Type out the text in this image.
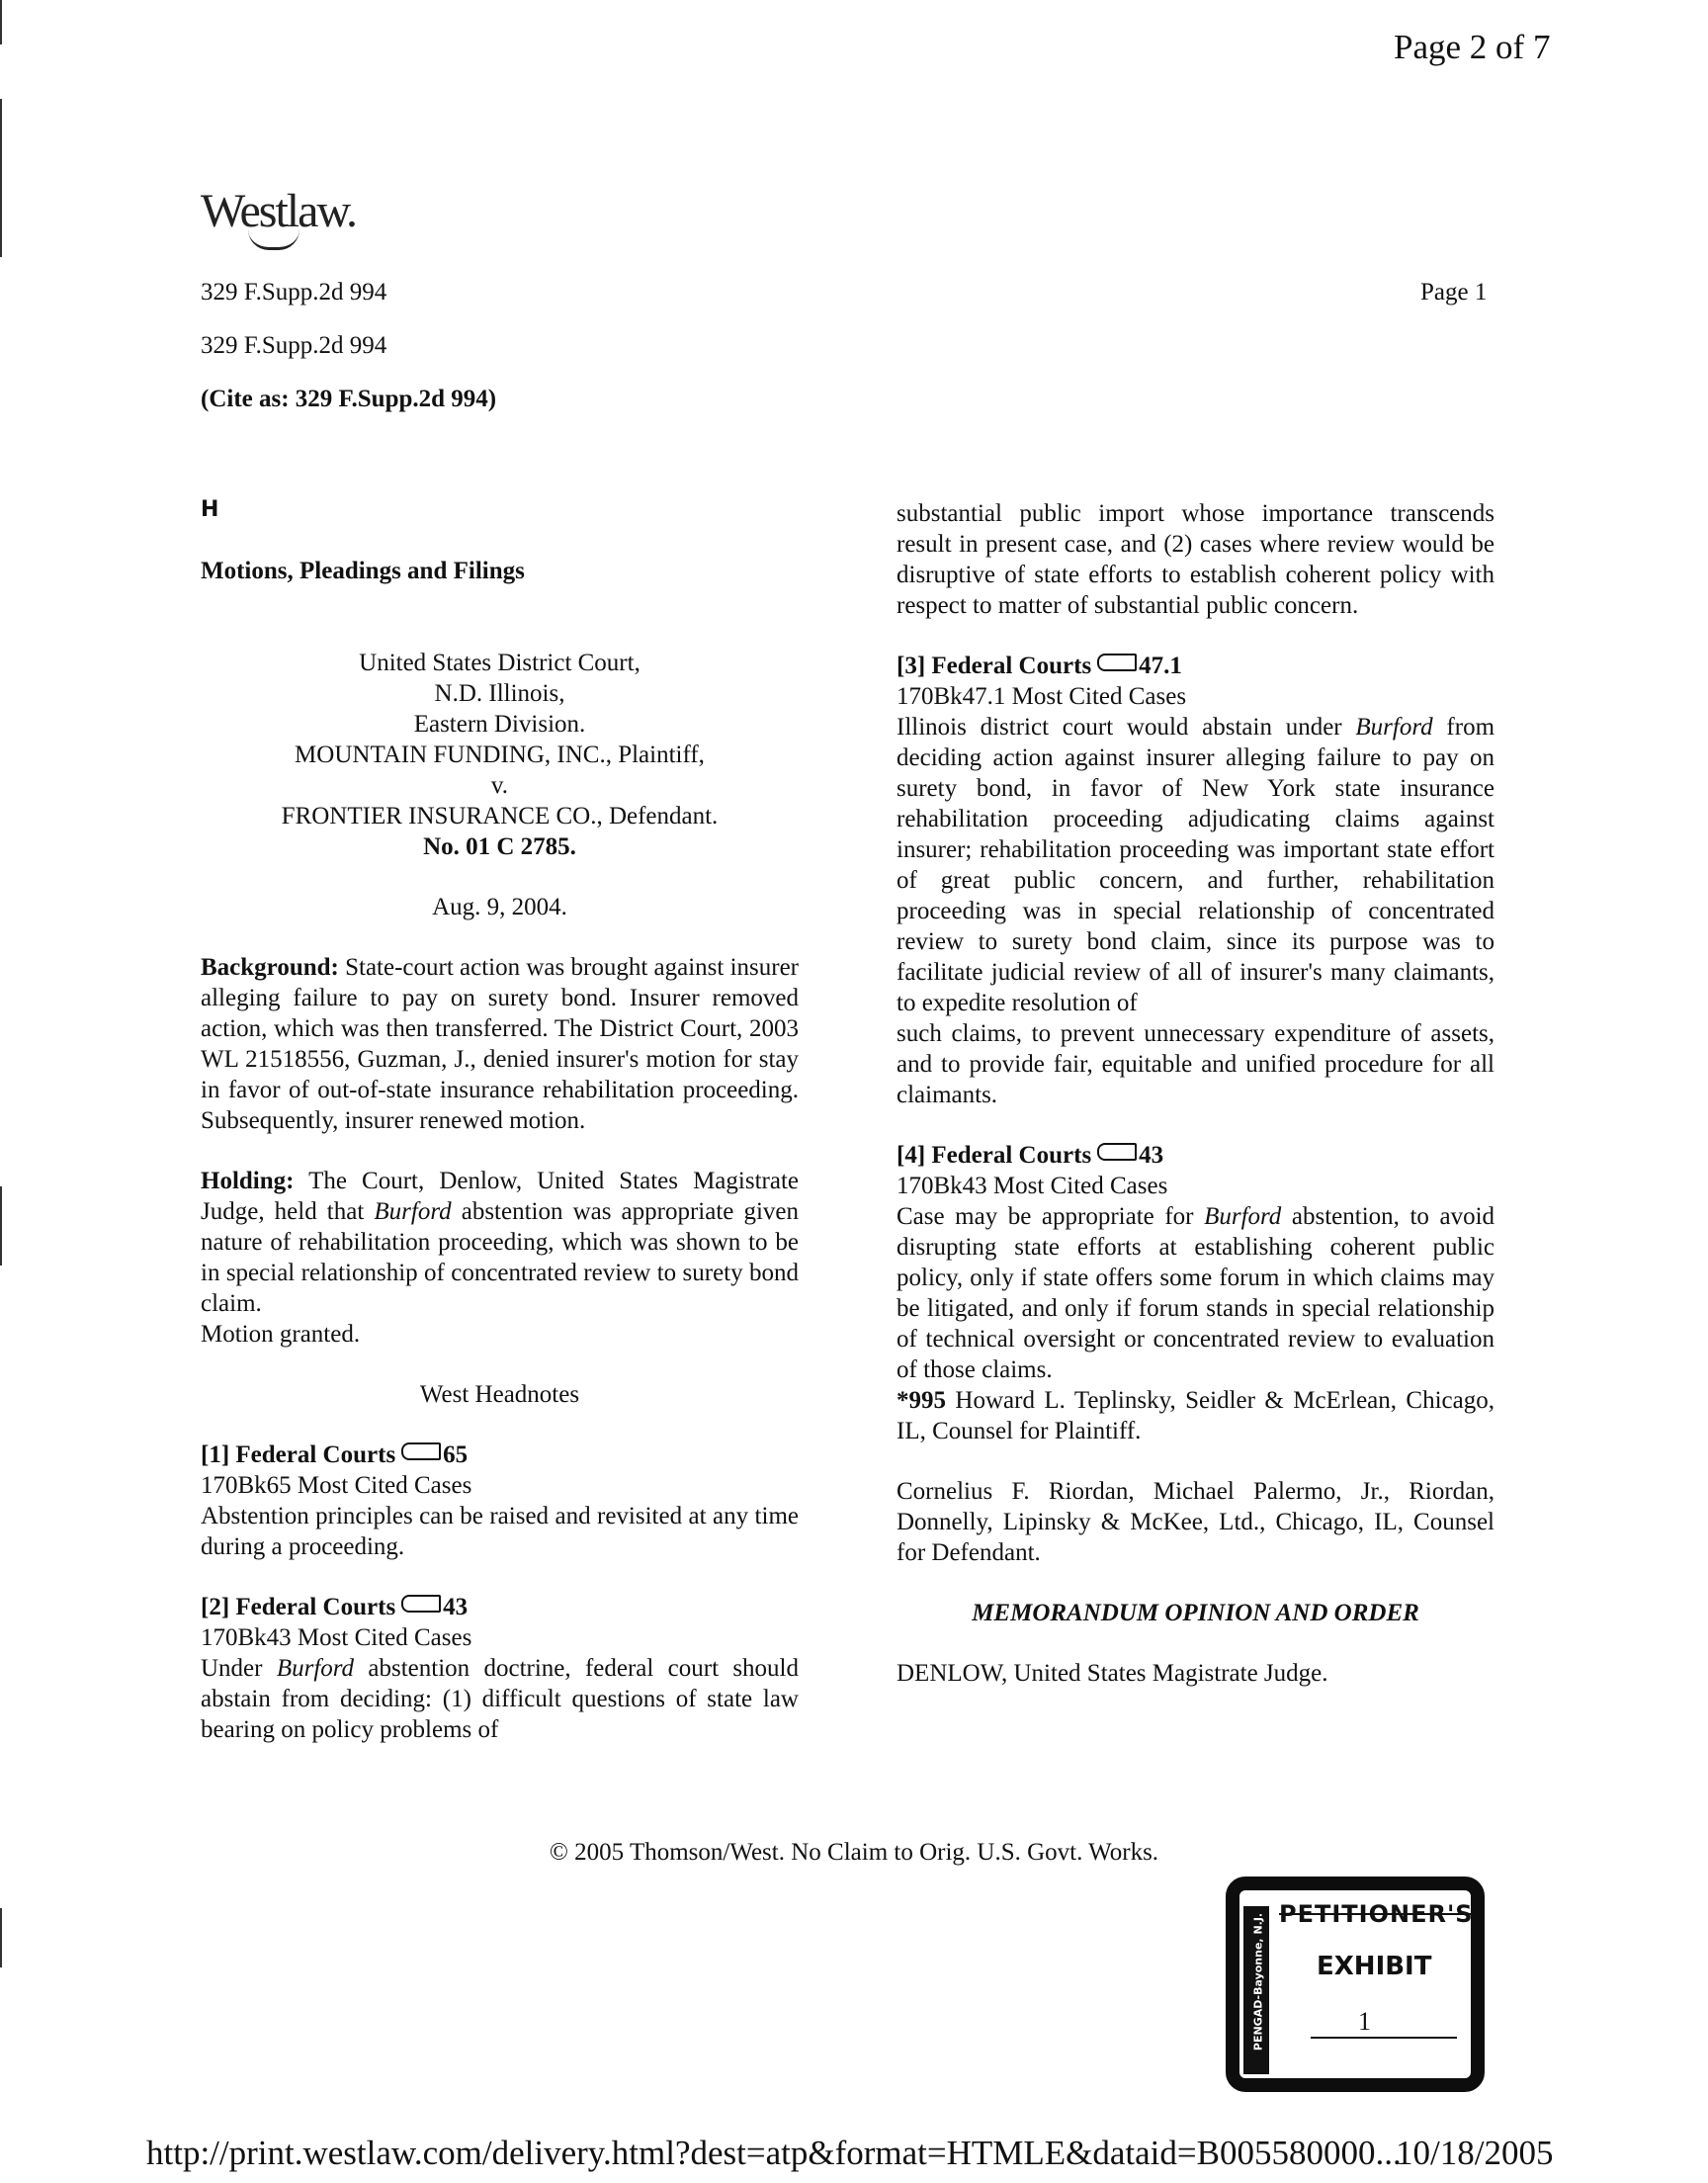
Page 2 of 7
Westlaw.
329 F.Supp.2d 994
329 F.Supp.2d 994
(Cite as: 329 F.Supp.2d 994)
Page 1

H

Motions, Pleadings and Filings

United States District Court,

N.D. Illinois,

Eastern Division.

MOUNTAIN FUNDING, INC., Plaintiff,

v.

FRONTIER INSURANCE CO., Defendant.

No. 01 C 2785.

Aug. 9, 2004.

Background: State-court action was brought against insurer alleging failure to pay on surety bond. Insurer removed action, which was then transferred. The District Court, 2003 WL 21518556, Guzman, J., denied insurer's motion for stay in favor of out-of-state insurance rehabilitation proceeding. Subsequently, insurer renewed motion.

Holding: The Court, Denlow, United States Magistrate Judge, held that Burford abstention was appropriate given nature of rehabilitation proceeding, which was shown to be in special relationship of concentrated review to surety bond claim.

Motion granted.

West Headnotes

[1] Federal Courts 65

170Bk65 Most Cited Cases

Abstention principles can be raised and revisited at any time during a proceeding.

[2] Federal Courts 43

170Bk43 Most Cited Cases

Under Burford abstention doctrine, federal court should abstain from deciding: (1) difficult questions of state law bearing on policy problems of

substantial public import whose importance transcends result in present case, and (2) cases where review would be disruptive of state efforts to establish coherent policy with respect to matter of substantial public concern.

[3] Federal Courts 47.1

170Bk47.1 Most Cited Cases

Illinois district court would abstain under Burford from deciding action against insurer alleging failure to pay on surety bond, in favor of New York state insurance rehabilitation proceeding adjudicating claims against insurer; rehabilitation proceeding was important state effort of great public concern, and further, rehabilitation proceeding was in special relationship of concentrated review to surety bond claim, since its purpose was to facilitate judicial review of all of insurer's many claimants, to expedite resolution of

such claims, to prevent unnecessary expenditure of assets, and to provide fair, equitable and unified procedure for all claimants.

[4] Federal Courts 43

170Bk43 Most Cited Cases

Case may be appropriate for Burford abstention, to avoid disrupting state efforts at establishing coherent public policy, only if state offers some forum in which claims may be litigated, and only if forum stands in special relationship of technical oversight or concentrated review to evaluation of those claims.

*995 Howard L. Teplinsky, Seidler & McErlean, Chicago, IL, Counsel for Plaintiff.

Cornelius F. Riordan, Michael Palermo, Jr., Riordan, Donnelly, Lipinsky & McKee, Ltd., Chicago, IL, Counsel for Defendant.

MEMORANDUM OPINION AND ORDER

DENLOW, United States Magistrate Judge.

© 2005 Thomson/West. No Claim to Orig. U.S. Govt. Works.
PENGAD-Bayonne, N.J. PETITIONER'S
EXHIBIT
1
http://print.westlaw.com/delivery.html?dest=atp&format=HTMLE&dataid=B005580000...
10/18/2005
